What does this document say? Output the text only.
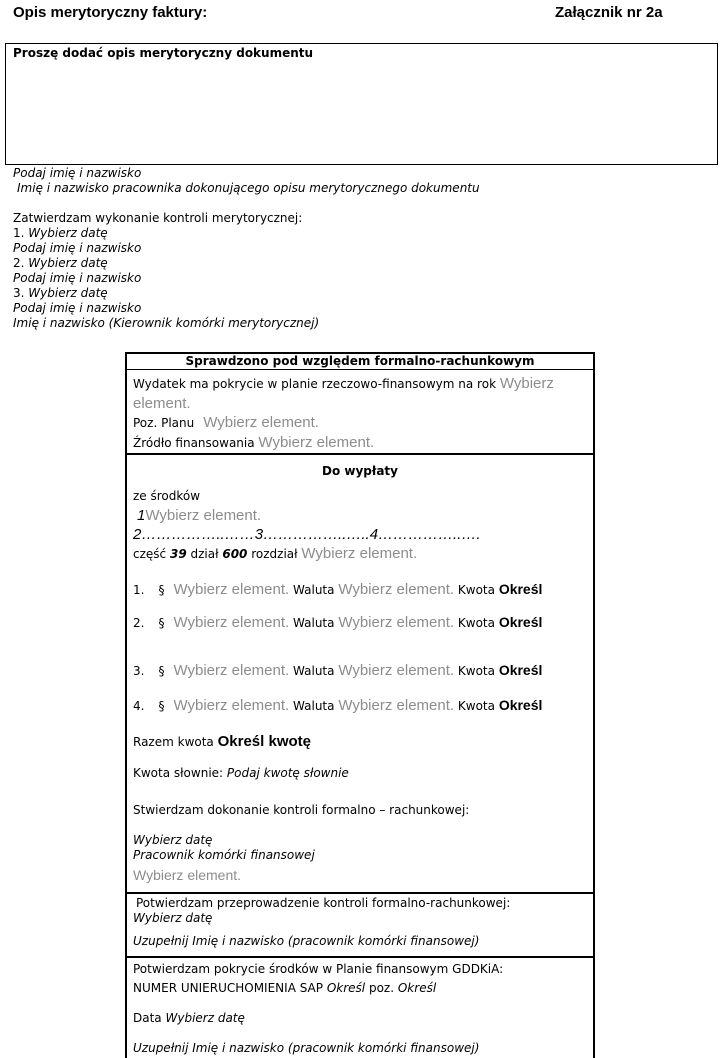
Opis merytoryczny faktury:	Załącznik nr 2a
Proszę dodać opis merytoryczny dokumentu
Podaj imię i nazwisko
Imię i nazwisko pracownika dokonującego opisu merytorycznego dokumentu
Zatwierdzam wykonanie kontroli merytorycznej:
1. Wybierz datę
Podaj imię i nazwisko
2. Wybierz datę
Podaj imię i nazwisko
3. Wybierz datę
Podaj imię i nazwisko
Imię i nazwisko (Kierownik komórki merytorycznej)
Sprawdzono pod względem formalno-rachunkowym
Wydatek ma pokrycie w planie rzeczowo-finansowym na rok Wybierz
element.
Poz. Planu Wybierz element.
Źródło finansowania Wybierz element.
Do wypłaty
ze środków
1Wybierz element.
2……………..……3……………..…..4……………..….
część 39 dział 600 rozdział Wybierz element.
1. § Wybierz element. Waluta Wybierz element. Kwota Określ
2. § Wybierz element. Waluta Wybierz element. Kwota Określ
3. § Wybierz element. Waluta Wybierz element. Kwota Określ
4. § Wybierz element. Waluta Wybierz element. Kwota Określ
Razem kwota Określ kwotę
Kwota słownie: Podaj kwotę słownie
Stwierdzam dokonanie kontroli formalno – rachunkowej:
Wybierz datę
Pracownik komórki finansowej
Wybierz element.
Potwierdzam przeprowadzenie kontroli formalno-rachunkowej:
Wybierz datę
Uzupełnij Imię i nazwisko (pracownik komórki finansowej)
Potwierdzam pokrycie środków w Planie finansowym GDDKiA:
NUMER UNIERUCHOMIENIA SAP Określ poz. Określ
Data Wybierz datę
Uzupełnij Imię i nazwisko (pracownik komórki finansowej)
